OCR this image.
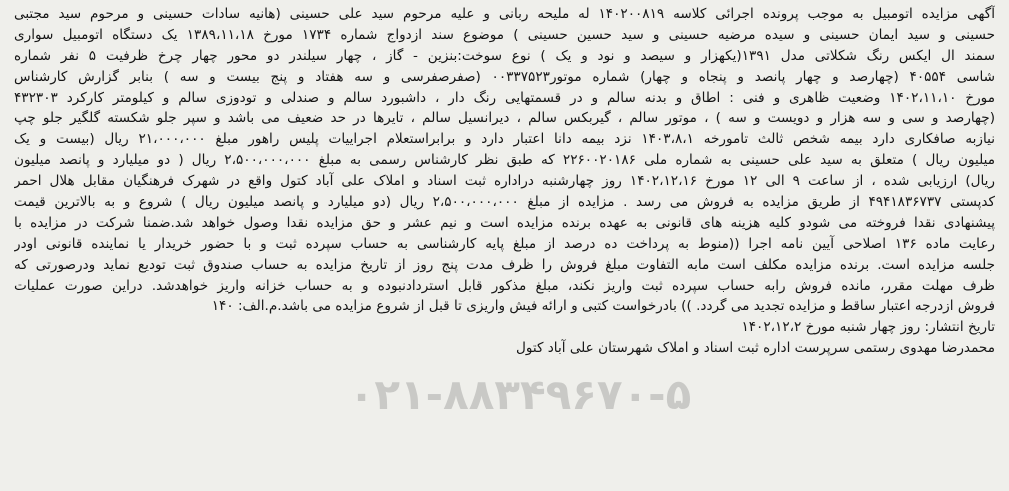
آگهی مزایده اتومبیل به موجب پرونده اجرائی کلاسه ۱۴۰۲۰۰۸۱۹ له ملیحه ربانی و علیه مرحوم سید علی حسینی (هانیه سادات حسینی و مرحوم سید مجتبی
حسینی و سید ایمان حسینی و سیده مرضیه حسینی و سید حسین حسینی ) موضوع سند ازدواج شماره ۱۷۳۴ مورخ ۱۳۸۹،۱۱،۱۸ یک دستگاه اتومبیل سواری
سمند ال ایکس رنگ شکلاتی مدل ۱۳۹۱(یکهزار و سیصد و نود و یک ) نوع سوخت:بنزین - گاز ، چهار سیلندر دو محور چهار چرخ ظرفیت ۵ نفر شماره
شاسی ۴۰۵۵۴ (چهارصد و چهار پانصد و پنجاه و چهار) شماره موتور۰۰۳۳۷۵۲۳ (صفرصفرسی و سه هفتاد و پنج بیست و سه ) بنابر گزارش کارشناس
مورخ ۱۴۰۲،۱۱،۱۰ وضعیت ظاهری و فنی : اطاق و بدنه سالم و در قسمتهایی رنگ دار ، داشبورد سالم و صندلی و تودوزی سالم و کیلومتر کارکرد ۴۳۲۳۰۳
(چهارصد و سی و سه هزار و دویست و سه ) ، موتور سالم ، گیربکس سالم ، دیرانسیل سالم ، تایرها در حد ضعیف می باشد و سپر جلو شکسته گلگیر جلو چپ
نیازبه صافکاری دارد بیمه شخص ثالث تامورخه ۱۴۰۳،۸،۱ نزد بیمه دانا اعتبار دارد و برابراستعلام اجراییات پلیس راهور مبلغ ۲۱،۰۰۰،۰۰۰ ریال (بیست و یک
میلیون ریال ) متعلق به سید علی حسینی به شماره ملی ۲۲۶۰۰۲۰۱۸۶ که طبق نظر کارشناس رسمی به مبلغ ۲،۵۰۰،۰۰۰،۰۰۰ ریال ( دو میلیارد و پانصد میلیون
ریال) ارزیابی شده ، از ساعت ۹ الی ۱۲ مورخ ۱۴۰۲،۱۲،۱۶ روز چهارشنبه دراداره ثبت اسناد و املاک علی آباد کتول واقع در شهرک فرهنگیان مقابل هلال احمر
کدپستی ۴۹۴۱۸۳۶۷۳۷ از طریق مزایده به فروش می رسد . مزایده از مبلغ ۲،۵۰۰،۰۰۰،۰۰۰ ریال (دو میلیارد و پانصد میلیون ریال ) شروع و به بالاترین قیمت
پیشنهادی نقدا فروخته می شودو کلیه هزینه های قانونی به عهده برنده مزایده است و نیم عشر و حق مزایده نقدا وصول خواهد شد.ضمنا شرکت در مزایده با
رعایت ماده ۱۳۶ اصلاحی آیین نامه اجرا ((منوط به پرداخت ده درصد از مبلغ پایه کارشناسی به حساب سپرده ثبت و با حضور خریدار یا نماینده قانونی اودر
جلسه مزایده است. برنده مزایده مکلف است مابه التفاوت مبلغ فروش را ظرف مدت پنج روز از تاریخ مزایده به حساب صندوق ثبت تودیع نماید ودرصورتی که
ظرف مهلت مقرر، مانده فروش رابه حساب سپرده ثبت واریز نکند، مبلغ مذکور قابل استردادنبوده و به حساب خزانه واریز خواهدشد. دراین صورت عملیات
فروش ازدرجه اعتبار ساقط و مزایده تجدید می گردد. )) بادرخواست کتبی و ارائه فیش واریزی تا قبل از شروع مزایده می باشد.م.الف: ۱۴۰
تاریخ انتشار: روز چهار شنبه مورخ ۱۴۰۲،۱۲،۲
محمدرضا مهدوی رستمی سرپرست اداره ثبت اسناد و املاک شهرستان علی آباد کتول
۰۲۱-۸۸۳۴۹۶۷۰-۵
